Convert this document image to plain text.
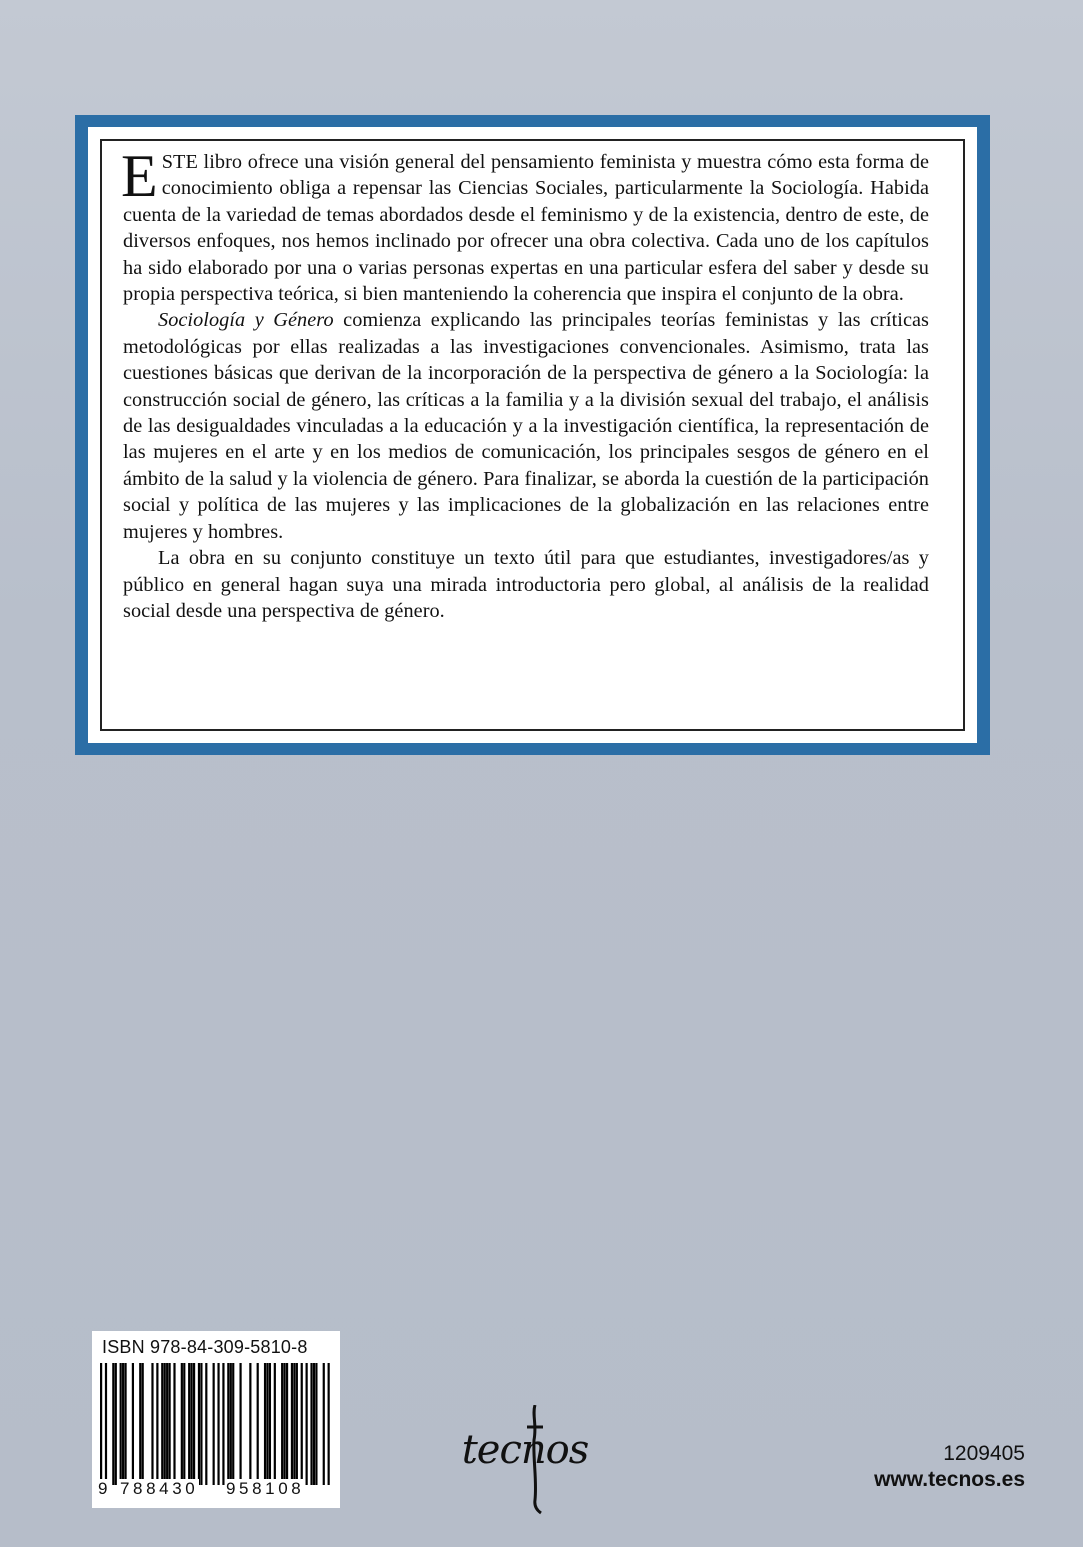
ESTE libro ofrece una visión general del pensamiento feminista y muestra cómo esta forma de conocimiento obliga a repensar las Ciencias Sociales, particularmente la Sociología. Habida cuenta de la variedad de temas abordados desde el feminismo y de la existencia, dentro de este, de diversos enfoques, nos hemos inclinado por ofrecer una obra colectiva. Cada uno de los capítulos ha sido elaborado por una o varias personas expertas en una particular esfera del saber y desde su propia perspectiva teórica, si bien manteniendo la coherencia que inspira el conjunto de la obra.

Sociología y Género comienza explicando las principales teorías feministas y las críticas metodológicas por ellas realizadas a las investigaciones convencionales. Asimismo, trata las cuestiones básicas que derivan de la incorporación de la perspectiva de género a la Sociología: la construcción social de género, las críticas a la familia y a la división sexual del trabajo, el análisis de las desigualdades vinculadas a la educación y a la investigación científica, la representación de las mujeres en el arte y en los medios de comunicación, los principales sesgos de género en el ámbito de la salud y la violencia de género. Para finalizar, se aborda la cuestión de la participación social y política de las mujeres y las implicaciones de la globalización en las relaciones entre mujeres y hombres.

La obra en su conjunto constituye un texto útil para que estudiantes, investigadores/as y público en general hagan suya una mirada introductoria pero global, al análisis de la realidad social desde una perspectiva de género.

ISBN 978-84-309-5810-8
9 788430 958108
tecnos	1209405
www.tecnos.es
